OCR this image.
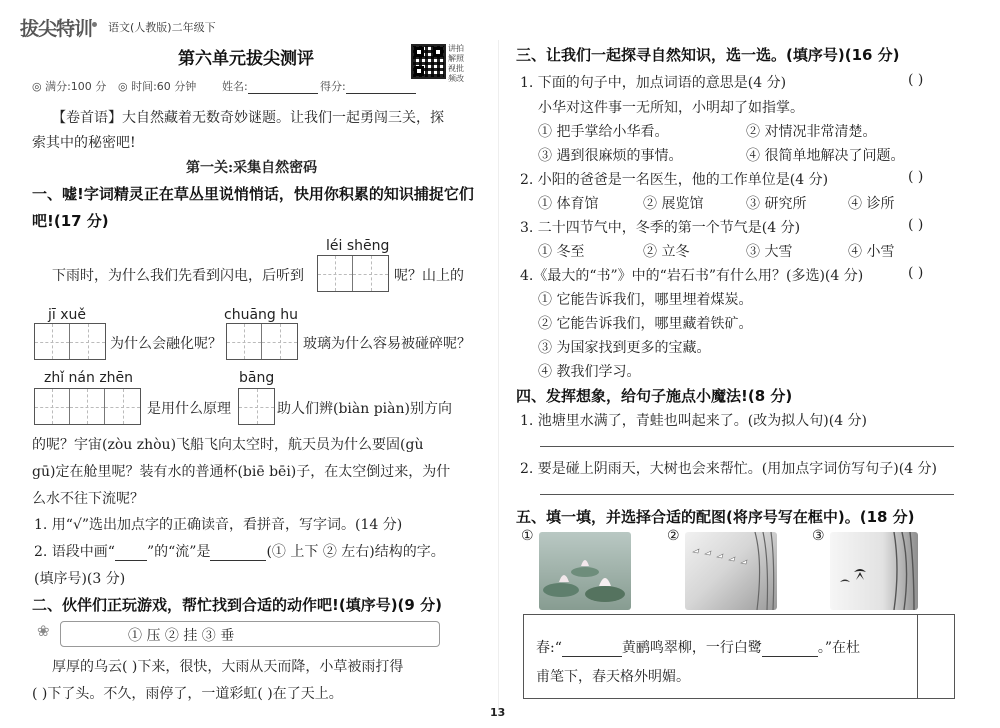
拔尖特训 语文(人教版)二年级下
第六单元拔尖测评
讲拍解照视批频改
◎ 满分:100 分 ◎ 时间:60 分钟 姓名:	得分:
【卷首语】大自然藏着无数奇妙谜题。让我们一起勇闯三关，探
索其中的秘密吧!
第一关:采集自然密码
一、嘘!字词精灵正在草丛里说悄悄话，快用你积累的知识捕捉它们
吧!(17 分)
léi shēng
下雨时，为什么我们先看到闪电，后听到	呢？山上的
jī xuě	chuāng hu
为什么会融化呢？	玻璃为什么容易被碰碎呢？
zhǐ nán zhēn	bāng
是用什么原理	助人们辨(biàn piàn)别方向
的呢？宇宙(zòu zhòu)飞船飞向太空时，航天员为什么要固(gù
gū)定在舱里呢？装有水的普通杯(biē bēi)子，在太空倒过来，为什
么水不往下流呢？
1. 用“√”选出加点字的正确读音，看拼音，写字词。(14 分)
2. 语段中画“ ”的“流”是	(① 上下 ② 左右)结构的字。
(填序号)(3 分)
二、伙伴们正玩游戏，帮忙找到合适的动作吧!(填序号)(9 分)
❀	① 压 ② 挂 ③ 垂
厚厚的乌云( )下来，很快，大雨从天而降，小草被雨打得
( )下了头。不久，雨停了，一道彩虹( )在了天上。
三、让我们一起探寻自然知识，选一选。(填序号)(16 分)
1. 下面的句子中，加点词语的意思是(4 分)	( )
小华对这件事一无所知，小明却了如指掌。
① 把手掌给小华看。	② 对情况非常清楚。
③ 遇到很麻烦的事情。	④ 很简单地解决了问题。
2. 小阳的爸爸是一名医生，他的工作单位是(4 分)	( )
① 体育馆	② 展览馆	③ 研究所	④ 诊所
3. 二十四节气中，冬季的第一个节气是(4 分)	( )
① 冬至	② 立冬	③ 大雪	④ 小雪
4.《最大的“书”》中的“岩石书”有什么用？(多选)(4 分)	( )
① 它能告诉我们，哪里埋着煤炭。
② 它能告诉我们，哪里藏着铁矿。
③ 为国家找到更多的宝藏。
④ 教我们学习。
四、发挥想象，给句子施点小魔法!(8 分)
1. 池塘里水满了，青蛙也叫起来了。(改为拟人句)(4 分)
2. 要是碰上阴雨天，大树也会来帮忙。(用加点字词仿写句子)(4 分)
五、填一填，并选择合适的配图(将序号写在框中)。(18 分)
①	②	③
春:“	黄鹂鸣翠柳，一行白鹭	。”在杜
甫笔下，春天格外明媚。
13
